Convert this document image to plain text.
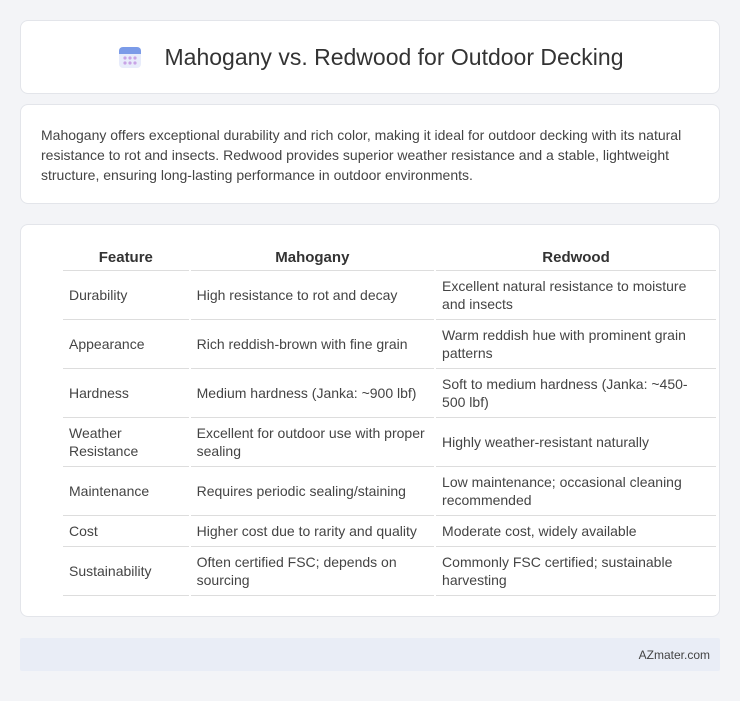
Mahogany vs. Redwood for Outdoor Decking

Mahogany offers exceptional durability and rich color, making it ideal for outdoor decking with its natural resistance to rot and insects. Redwood provides superior weather resistance and a stable, lightweight structure, ensuring long-lasting performance in outdoor environments.

Feature	Mahogany	Redwood
Durability	High resistance to rot and decay	Excellent natural resistance to moisture and insects
Appearance	Rich reddish-brown with fine grain	Warm reddish hue with prominent grain patterns
Hardness	Medium hardness (Janka: ~900 lbf)	Soft to medium hardness (Janka: ~450-500 lbf)
Weather Resistance	Excellent for outdoor use with proper sealing	Highly weather-resistant naturally
Maintenance	Requires periodic sealing/staining	Low maintenance; occasional cleaning recommended
Cost	Higher cost due to rarity and quality	Moderate cost, widely available
Sustainability	Often certified FSC; depends on sourcing	Commonly FSC certified; sustainable harvesting
AZmater.com
